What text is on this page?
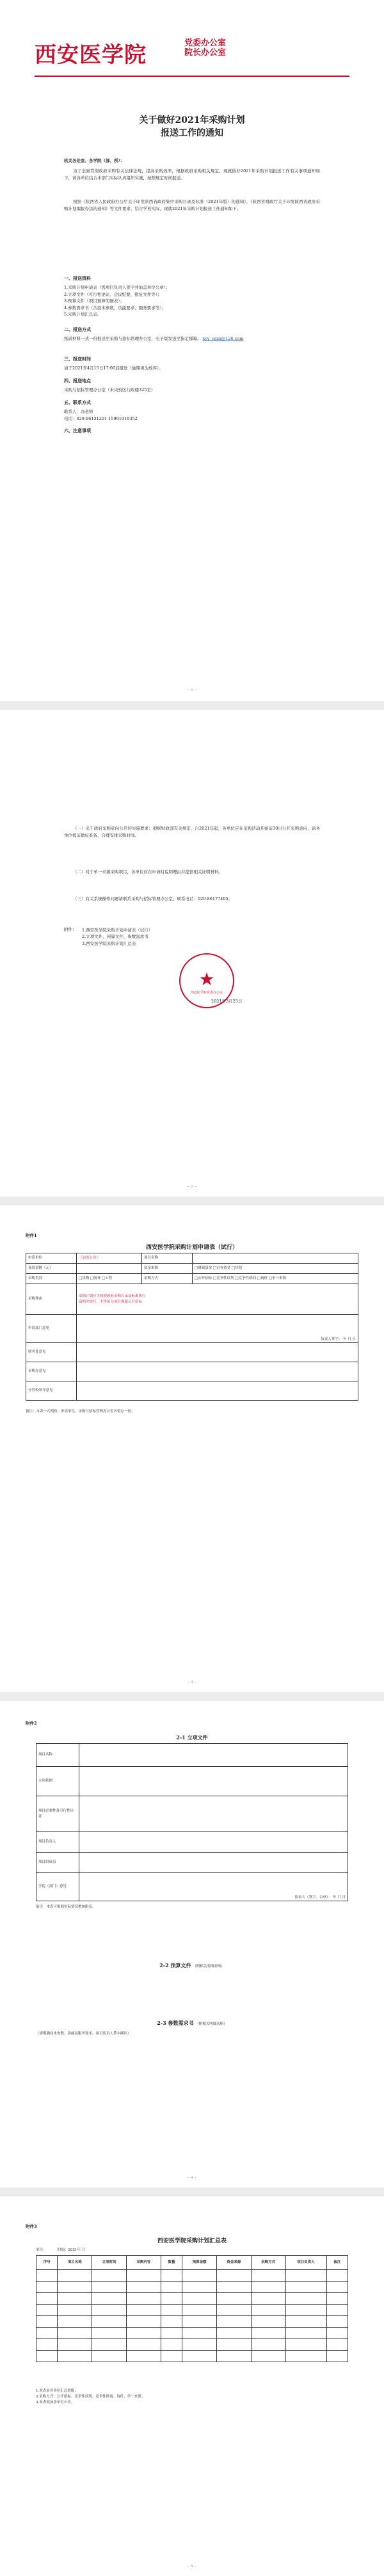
西安医学院	党委办公室
院长办公室
关于做好2021年采购计划
报送工作的通知
机关各处室、各学院（部、所）：
为了全面贯彻政府采购有关法律法规，提高采购效率，根据政府采购相关规定，现就做好2021年采购计划报送工作有关事项通知如下，请各单位结合本部门实际认真组织实施，按照规定时间报送。
根据《陕西省人民政府办公厅关于印发陕西省政府集中采购目录及标准（2021年版）的通知》、《陕西省财政厅关于印发陕西省政府采购计划编报办法的通知》等文件要求，结合学校实际，现就2021年采购计划报送工作通知如下。
一、报送资料
1.采购计划申请表（需项目负责人签字并加盖单位公章）；
2.立项文件（可行性论证、会议纪要、批复文件等）；
3.预算文件（项目预算明细表）；
4.参数需求书（含技术参数、功能要求、服务要求等）；
5.采购计划汇总表。
二、报送方式
纸质材料一式一份报送至采购与招标管理办公室，电子版发送至指定邮箱。 xyy_cgzx@126.com
三、报送时间
请于2021年4月15日17:00前报送（逾期视为放弃）。
四、报送地点
采购与招标管理办公室（未央校区行政楼325室）
五、联系方式
联系人：冯老师
电话：029-86131201 15991919352
六、注意事项
— 1 —
（一）关于政府采购意向公开的实施要求：根据财政部有关规定，自2021年起，各单位应在采购活动开始前30日公开采购意向，请各单位提前做好准备，合理安排采购时间。
（二）对于单一来源采购项目，各单位应在申请时说明理由并提供相关证明材料。
（三）有关系统操作问题请联系采购与招标管理办公室，联系电话：029-86177405。
附件： 1.西安医学院采购计划申请表（试行）
2.立项文件、预算文件、参数需求书
3.西安医学院采购计划汇总表
★
西安医学院党委办公室
2021年3月25日
— 2 —
附件1
西安医学院采购计划申请表（试行）
申请单位	（加盖公章）	项目名称	
预算金额（元）		资金来源	□财政资金 □自有资金 □其他
采购类别	□货物 □服务 □工程	采购方式	□公开招标 □竞争性谈判 □竞争性磋商 □询价 □单一来源
采购理由	采购计划应当按照政府采购目录及标准执行
请据实填写，不得拆分项目规避公开招标		

申请部门意见	负责人签字： 年 月 日		
财务处意见			
采购办意见			
分管校领导意见			
备注：本表一式两份，申请单位、采购与招标管理办公室各留存一份。
— 3 —
附件2
2-1 立项文件
项目名称	
立项依据	
项目必要性及可行性论证	
项目负责人	
项目组成员	
学院（部门）意见	负责人（签字、公章）： 年 月 日
备注：本表可根据实际情况增加附页。
2-2 预算文件 （附相关明细表格）
2-3 参数需求书 （附相关明细表格）
（需明确技术参数、功能及服务要求，项目负责人签字确认）
— 4 —
附件3
西安医学院采购计划汇总表
单位：	时间：2021年 月
序号	项目名称	立项时间	采购内容	数量	预算金额	资金来源	采购方式	项目负责人	备注

1.本表由各单位汇总填报；
2.采购方式：公开招标、竞争性谈判、竞争性磋商、询价、单一来源；
3.本表须加盖单位公章。
— 5 —
